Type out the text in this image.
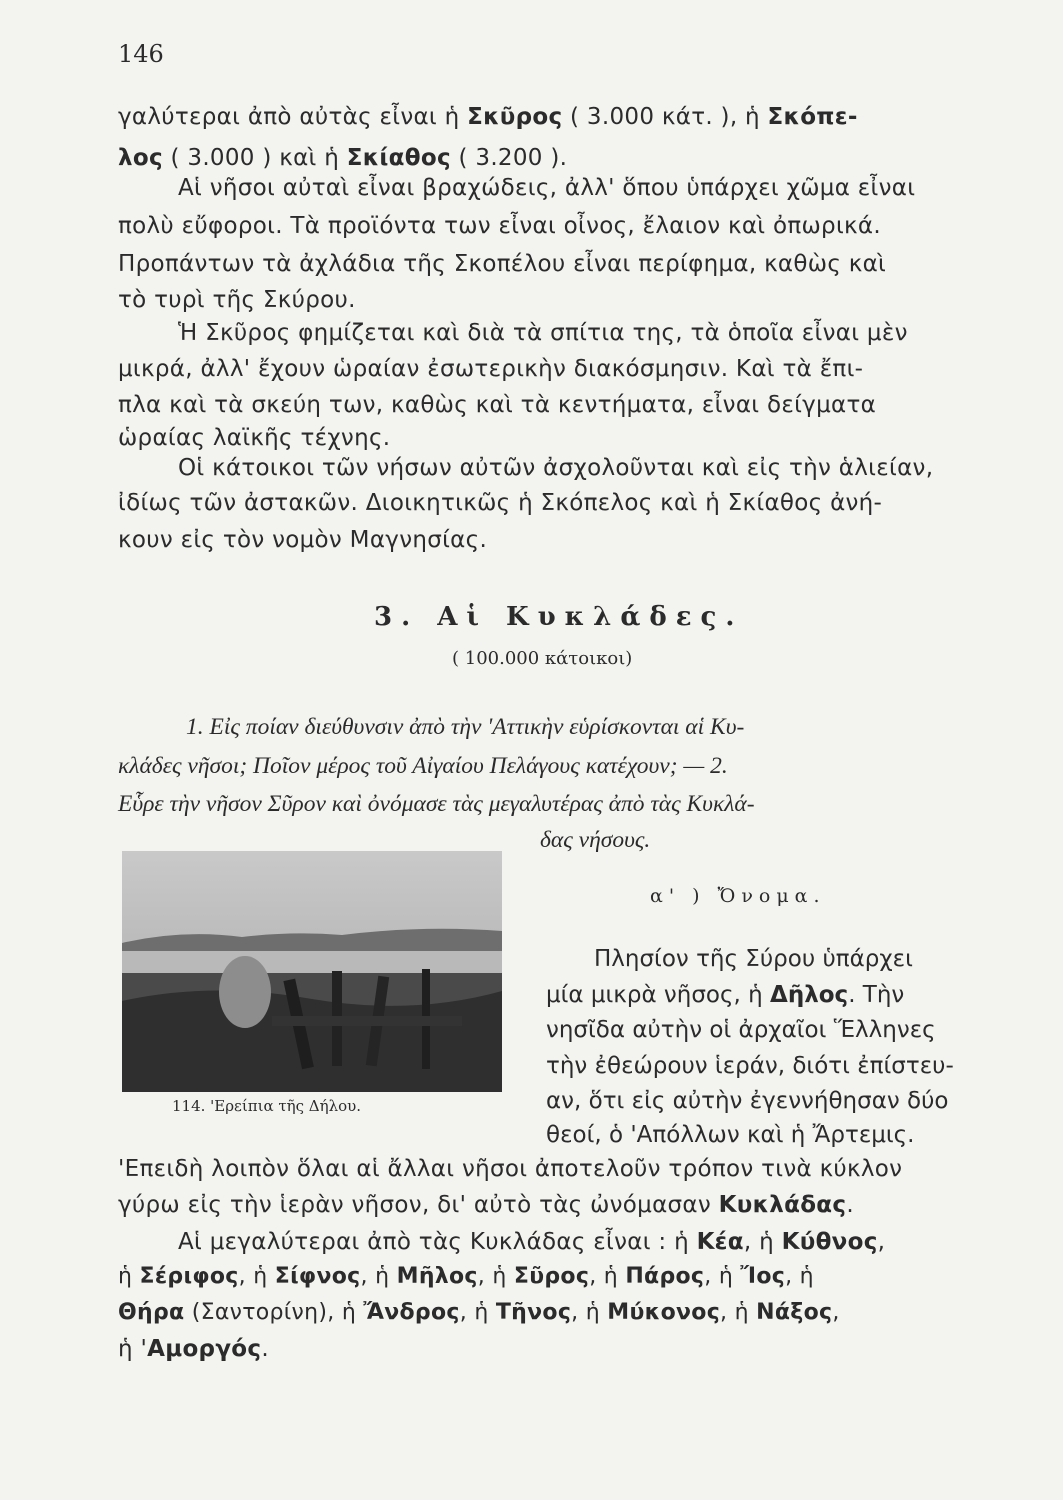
146
γαλύτεραι ἀπὸ αὐτὰς εἶναι ἡ Σκῦρος ( 3.000 κάτ. ), ἡ Σκόπε-
λος ( 3.000 ) καὶ ἡ Σκίαθος ( 3.200 ).
Αἱ νῆσοι αὐταὶ εἶναι βραχώδεις, ἀλλ' ὅπου ὑπάρχει χῶμα εἶναι
πολὺ εὔφοροι. Τὰ προϊόντα των εἶναι οἶνος, ἔλαιον καὶ ὀπωρικά.
Προπάντων τὰ ἀχλάδια τῆς Σκοπέλου εἶναι περίφημα, καθὼς καὶ
τὸ τυρὶ τῆς Σκύρου.
Ἡ Σκῦρος φημίζεται καὶ διὰ τὰ σπίτια της, τὰ ὁποῖα εἶναι μὲν
μικρά, ἀλλ' ἔχουν ὡραίαν ἐσωτερικὴν διακόσμησιν. Καὶ τὰ ἔπι-
πλα καὶ τὰ σκεύη των, καθὼς καὶ τὰ κεντήματα, εἶναι δείγματα
ὡραίας λαϊκῆς τέχνης.
Οἱ κάτοικοι τῶν νήσων αὐτῶν ἀσχολοῦνται καὶ εἰς τὴν ἁλιείαν,
ἰδίως τῶν ἀστακῶν. Διοικητικῶς ἡ Σκόπελος καὶ ἡ Σκίαθος ἀνή-
κουν εἰς τὸν νομὸν Μαγνησίας.
3. Αἱ Κυκλάδες.
( 100.000 κάτοικοι)
1. Εἰς ποίαν διεύθυνσιν ἀπὸ τὴν 'Αττικὴν εὑρίσκονται αἱ Κυ-
κλάδες νῆσοι; Ποῖον μέρος τοῦ Αἰγαίου Πελάγους κατέχουν; — 2.
Εὗρε τὴν νῆσον Σῦρον καὶ ὀνόμασε τὰς μεγαλυτέρας ἀπὸ τὰς Κυκλά-
δας νήσους.
114. 'Ερείπια τῆς Δήλου.
α' ) Ὄνομα.
Πλησίον τῆς Σύρου ὑπάρχει
μία μικρὰ νῆσος, ἡ Δῆλος. Τὴν
νησῖδα αὐτὴν οἱ ἀρχαῖοι Ἕλληνες
τὴν ἐθεώρουν ἱεράν, διότι ἐπίστευ-
αν, ὅτι εἰς αὐτὴν ἐγεννήθησαν δύο
θεοί, ὁ 'Απόλλων καὶ ἡ Ἄρτεμις.
'Επειδὴ λοιπὸν ὅλαι αἱ ἄλλαι νῆσοι ἀποτελοῦν τρόπον τινὰ κύκλον
γύρω εἰς τὴν ἱερὰν νῆσον, δι' αὐτὸ τὰς ὠνόμασαν Κυκλάδας.
Αἱ μεγαλύτεραι ἀπὸ τὰς Κυκλάδας εἶναι : ἡ Κέα, ἡ Κύθνος,
ἡ Σέριφος, ἡ Σίφνος, ἡ Μῆλος, ἡ Σῦρος, ἡ Πάρος, ἡ Ἴος, ἡ
Θήρα (Σαντορίνη), ἡ Ἄνδρος, ἡ Τῆνος, ἡ Μύκονος, ἡ Νάξος,
ἡ 'Αμοργός.
